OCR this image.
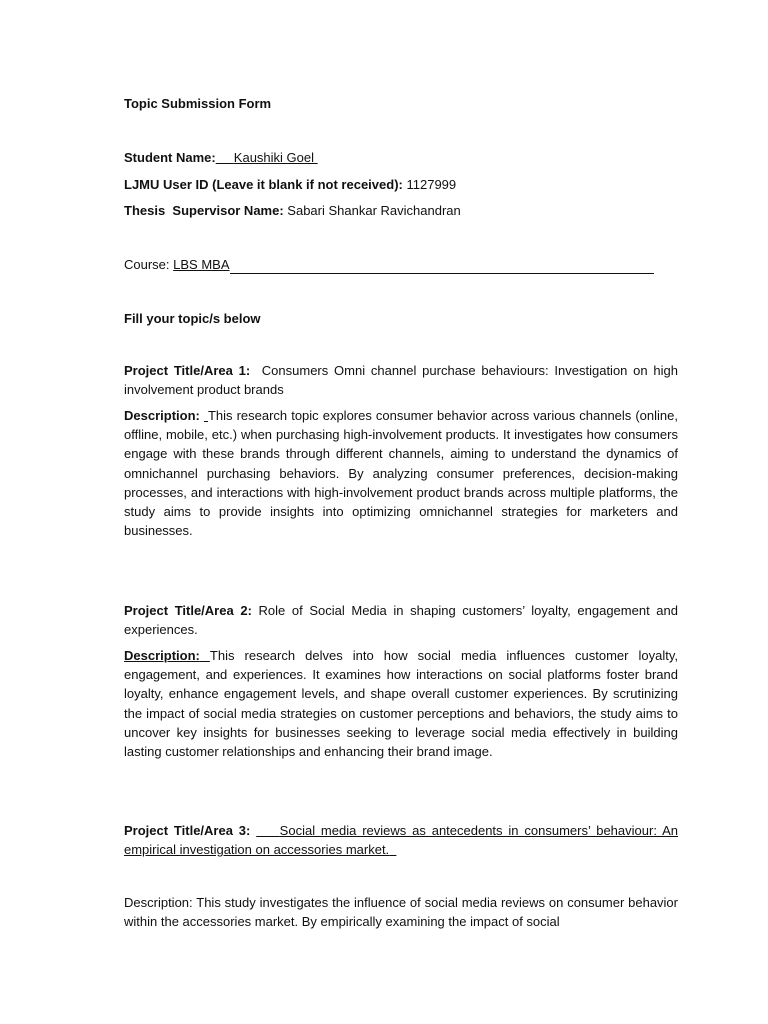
Topic Submission Form
Student Name: Kaushiki Goel
LJMU User ID (Leave it blank if not received): 1127999
Thesis  Supervisor Name: Sabari Shankar Ravichandran
Course: LBS MBA
Fill your topic/s below
Project Title/Area 1: Consumers Omni channel purchase behaviours: Investigation on high involvement product brands
Description: This research topic explores consumer behavior across various channels (online, offline, mobile, etc.) when purchasing high-involvement products. It investigates how consumers engage with these brands through different channels, aiming to understand the dynamics of omnichannel purchasing behaviors. By analyzing consumer preferences, decision-making processes, and interactions with high-involvement product brands across multiple platforms, the study aims to provide insights into optimizing omnichannel strategies for marketers and businesses.
Project Title/Area 2: Role of Social Media in shaping customers’ loyalty, engagement and experiences.
Description: This research delves into how social media influences customer loyalty, engagement, and experiences. It examines how interactions on social platforms foster brand loyalty, enhance engagement levels, and shape overall customer experiences. By scrutinizing the impact of social media strategies on customer perceptions and behaviors, the study aims to uncover key insights for businesses seeking to leverage social media effectively in building lasting customer relationships and enhancing their brand image.
Project Title/Area 3: Social media reviews as antecedents in consumers’ behaviour: An empirical investigation on accessories market.
Description: This study investigates the influence of social media reviews on consumer behavior within the accessories market. By empirically examining the impact of social
